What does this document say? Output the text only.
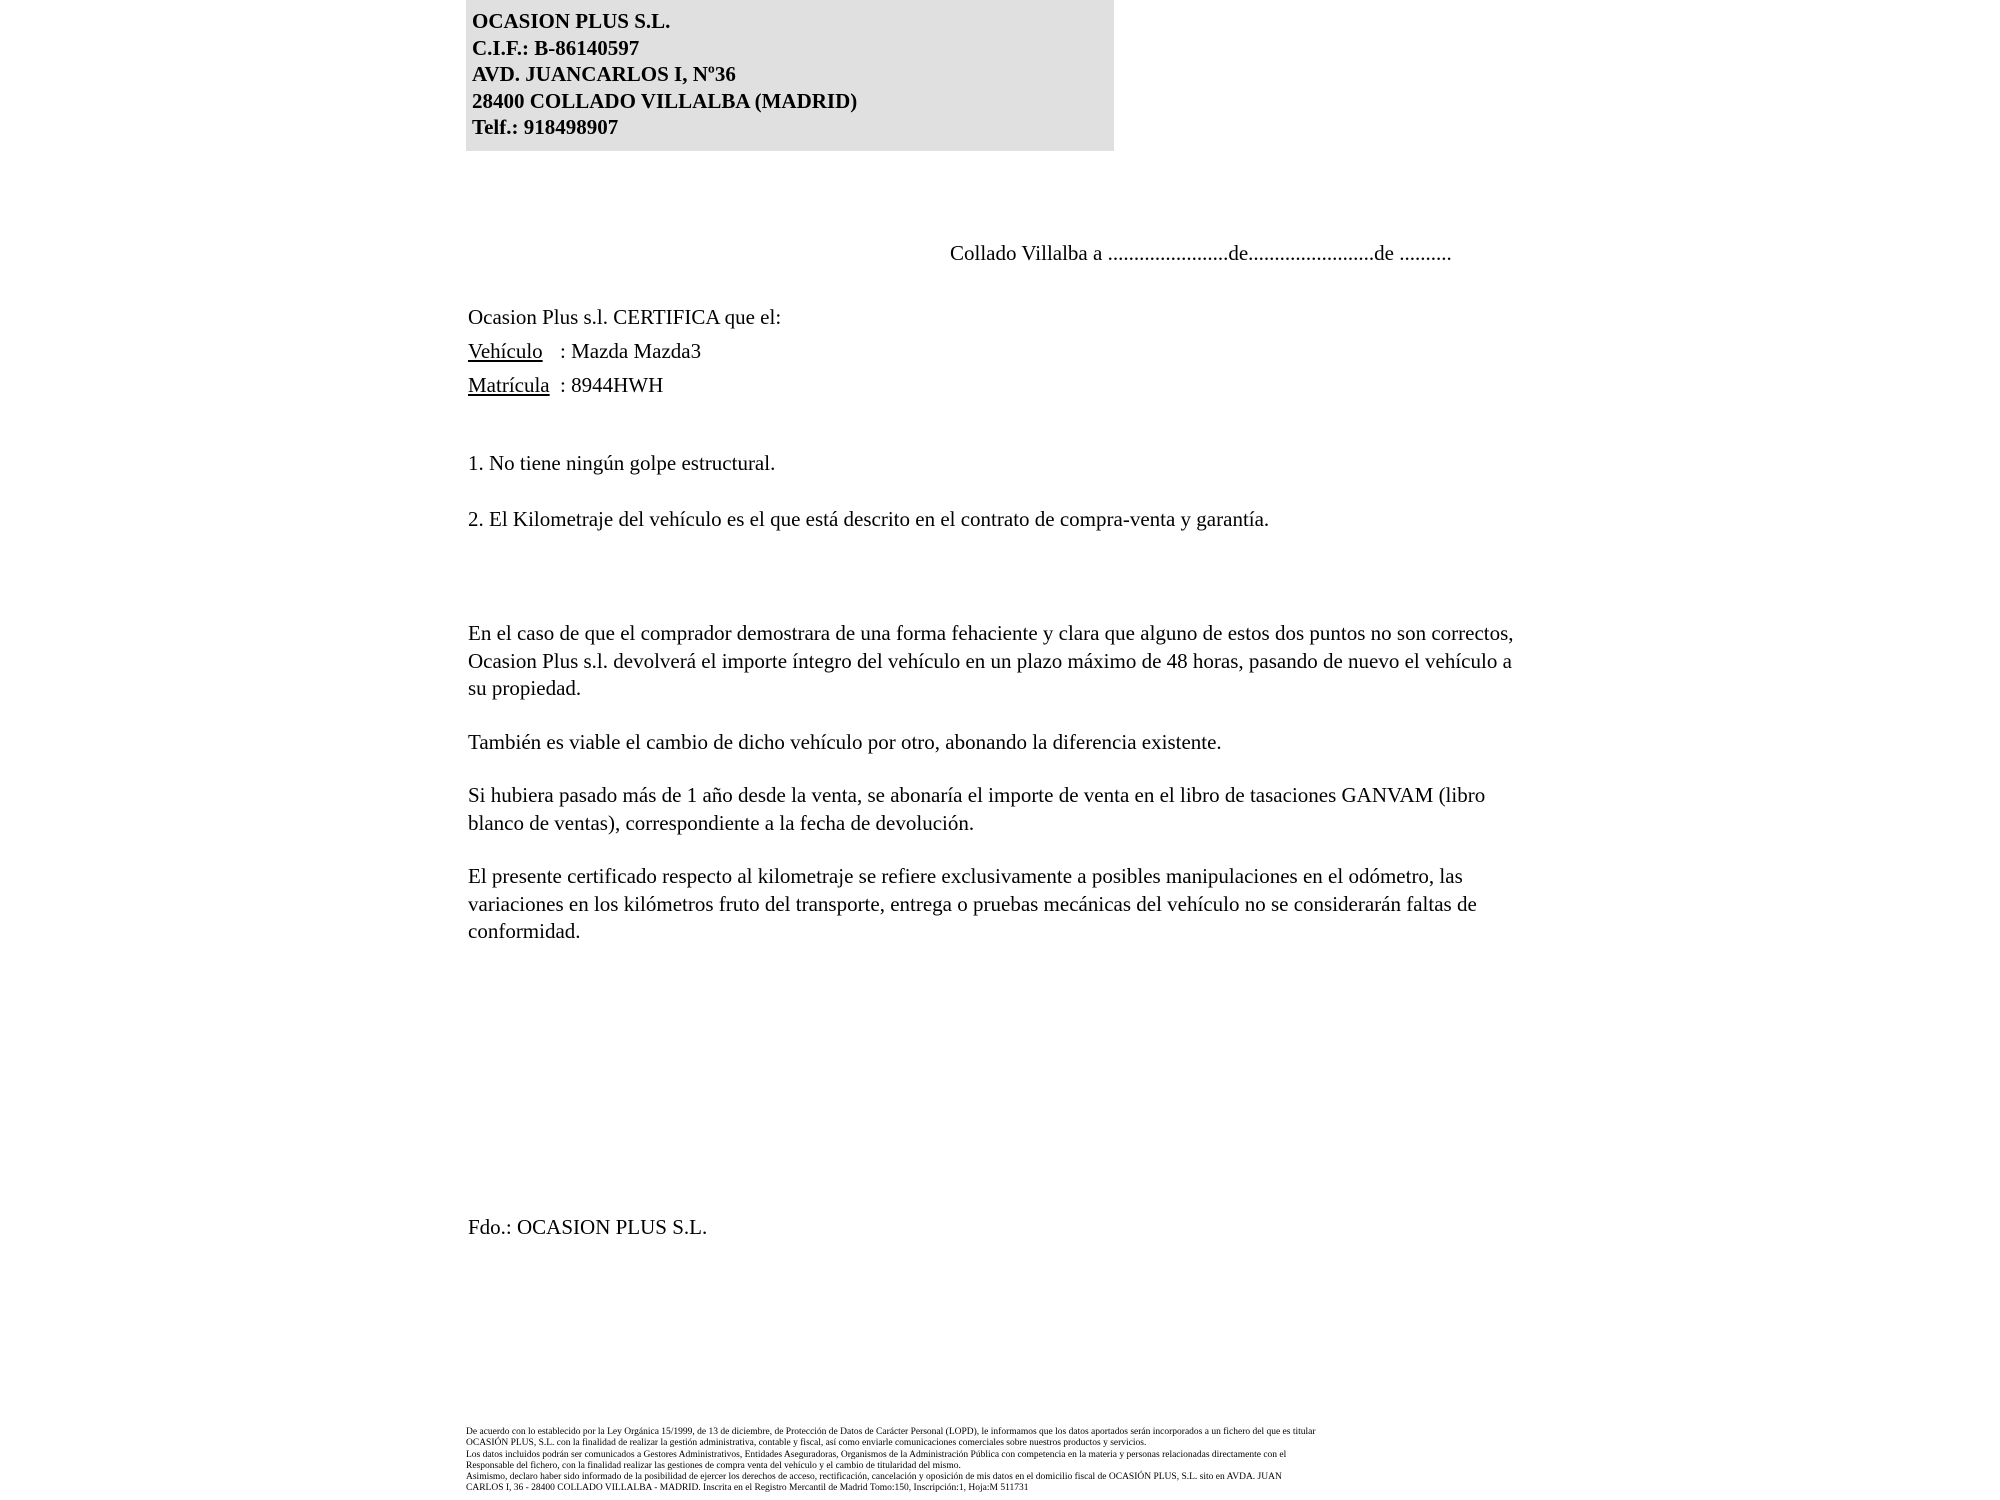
OCASION PLUS S.L.
C.I.F.: B-86140597
AVD. JUANCARLOS I, Nº36
28400 COLLADO VILLALBA (MADRID)
Telf.: 918498907
Collado Villalba a .......................de........................de ..........
Ocasion Plus s.l. CERTIFICA que el:
Vehículo : Mazda Mazda3
Matrícula : 8944HWH
1. No tiene ningún golpe estructural.
2. El Kilometraje del vehículo es el que está descrito en el contrato de compra-venta y garantía.

En el caso de que el comprador demostrara de una forma fehaciente y clara que alguno de estos dos puntos no son correctos, Ocasion Plus s.l. devolverá el importe íntegro del vehículo en un plazo máximo de 48 horas, pasando de nuevo el vehículo a su propiedad.

También es viable el cambio de dicho vehículo por otro, abonando la diferencia existente.

Si hubiera pasado más de 1 año desde la venta, se abonaría el importe de venta en el libro de tasaciones GANVAM (libro blanco de ventas), correspondiente a la fecha de devolución.

El presente certificado respecto al kilometraje se refiere exclusivamente a posibles manipulaciones en el odómetro, las variaciones en los kilómetros fruto del transporte, entrega o pruebas mecánicas del vehículo no se considerarán faltas de conformidad.

Fdo.: OCASION PLUS S.L.

De acuerdo con lo establecido por la Ley Orgánica 15/1999, de 13 de diciembre, de Protección de Datos de Carácter Personal (LOPD), le informamos que los datos aportados serán incorporados a un fichero del que es titular

OCASIÓN PLUS, S.L. con la finalidad de realizar la gestión administrativa, contable y fiscal, así como enviarle comunicaciones comerciales sobre nuestros productos y servicios.

Los datos incluidos podrán ser comunicados a Gestores Administrativos, Entidades Aseguradoras, Organismos de la Administración Pública con competencia en la materia y personas relacionadas directamente con el

Responsable del fichero, con la finalidad realizar las gestiones de compra venta del vehículo y el cambio de titularidad del mismo.

Asimismo, declaro haber sido informado de la posibilidad de ejercer los derechos de acceso, rectificación, cancelación y oposición de mis datos en el domicilio fiscal de OCASIÓN PLUS, S.L. sito en AVDA. JUAN

CARLOS I, 36 - 28400 COLLADO VILLALBA - MADRID. Inscrita en el Registro Mercantil de Madrid Tomo:150, Inscripción:1, Hoja:M 511731
